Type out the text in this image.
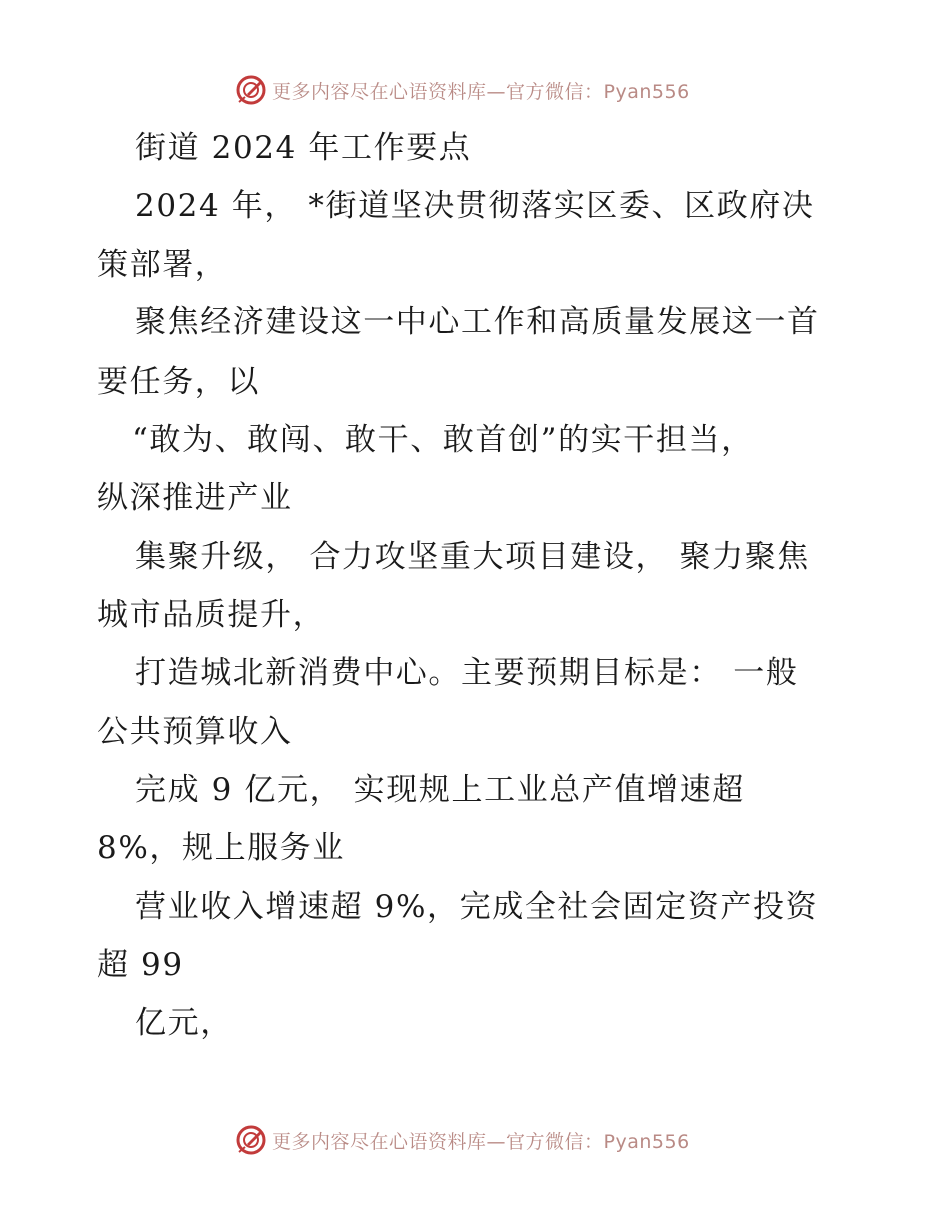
更多内容尽在心语资料库—官方微信：Pyan556
街道 2024 年工作要点
2024 年， *街道坚决贯彻落实区委、区政府决
策部署，
聚焦经济建设这一中心工作和高质量发展这一首
要任务，以
“敢为、敢闯、敢干、敢首创”的实干担当，
纵深推进产业
集聚升级， 合力攻坚重大项目建设， 聚力聚焦
城市品质提升，
打造城北新消费中心。主要预期目标是： 一般
公共预算收入
完成 9 亿元， 实现规上工业总产值增速超
8%，规上服务业
营业收入增速超 9%，完成全社会固定资产投资
超 99
亿元，
更多内容尽在心语资料库—官方微信：Pyan556
